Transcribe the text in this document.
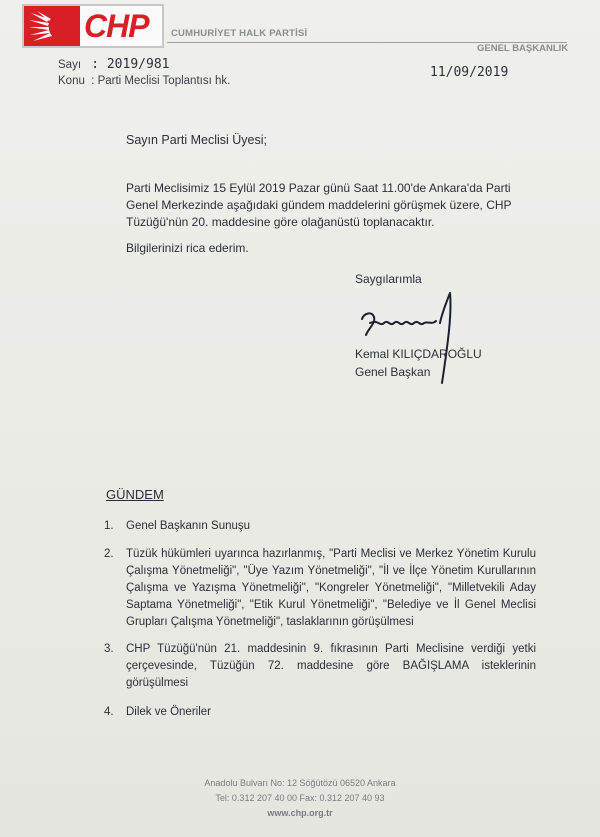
CHP CUMHURİYET HALK PARTİSİ
GENEL BAŞKANLIK
Sayı : 2019/981
Konu : Parti Meclisi Toplantısı hk.
11/09/2019
Sayın Parti Meclisi Üyesi;
Parti Meclisimiz 15 Eylül 2019 Pazar günü Saat 11.00'de Ankara'da Parti Genel Merkezinde aşağıdaki gündem maddelerini görüşmek üzere, CHP Tüzüğü'nün 20. maddesine göre olağanüstü toplanacaktır.
Bilgilerinizi rica ederim.
Saygılarımla
Kemal KILIÇDAROĞLU
Genel Başkan
GÜNDEM
1. Genel Başkanın Sunuşu
2. Tüzük hükümleri uyarınca hazırlanmış, "Parti Meclisi ve Merkez Yönetim Kurulu Çalışma Yönetmeliği", "Üye Yazım Yönetmeliği", "İl ve İlçe Yönetim Kurullarının Çalışma ve Yazışma Yönetmeliği", "Kongreler Yönetmeliği", "Milletvekili Aday Saptama Yönetmeliği", "Etik Kurul Yönetmeliği", "Belediye ve İl Genel Meclisi Grupları Çalışma Yönetmeliği", taslaklarının görüşülmesi
3. CHP Tüzüğü'nün 21. maddesinin 9. fıkrasının Parti Meclisine verdiği yetki çerçevesinde, Tüzüğün 72. maddesine göre BAĞIŞLAMA isteklerinin görüşülmesi
4. Dilek ve Öneriler
Anadolu Bulvarı No: 12 Söğütözü 06520 Ankara
Tel: 0.312 207 40 00 Fax: 0.312 207 40 93
www.chp.org.tr
